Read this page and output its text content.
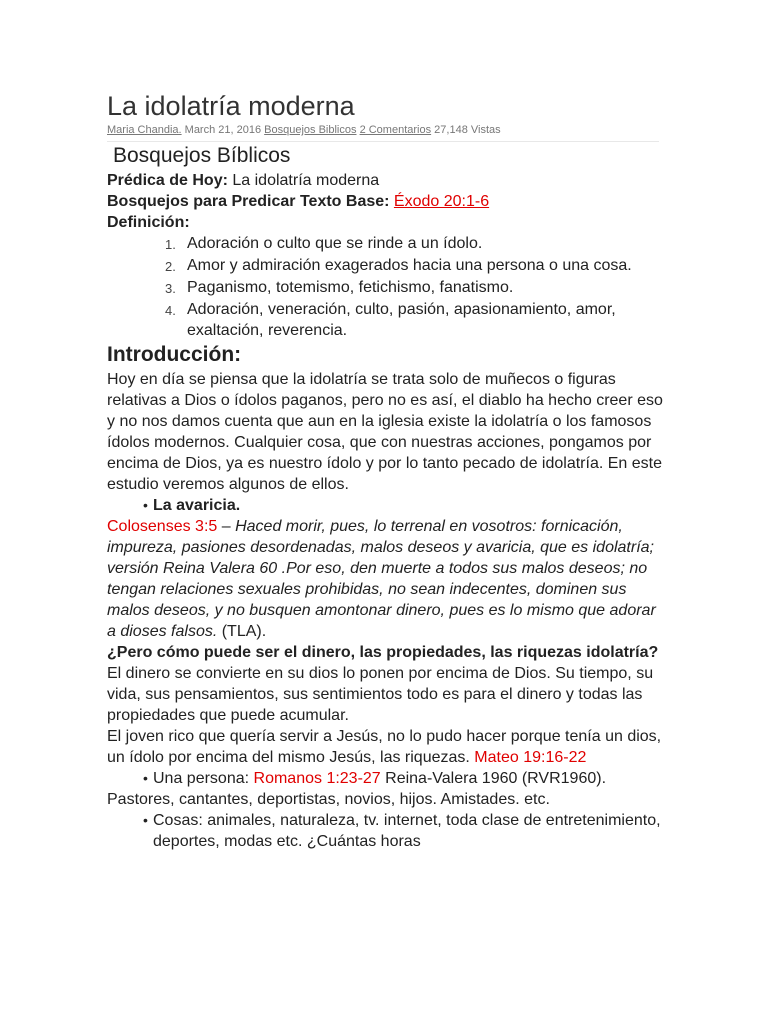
La idolatría moderna
Maria Chandia. March 21, 2016 Bosquejos Biblicos 2 Comentarios 27,148 Vistas
Bosquejos Bíblicos

Prédica de Hoy: La idolatría moderna

Bosquejos para Predicar Texto Base: Éxodo 20:1-6

Definición:

1. Adoración o culto que se rinde a un ídolo.
2. Amor y admiración exagerados hacia una persona o una cosa.
3. Paganismo, totemismo, fetichismo, fanatismo.
4. Adoración, veneración, culto, pasión, apasionamiento, amor, exaltación, reverencia.

Introducción:

Hoy en día se piensa que la idolatría se trata solo de muñecos o figuras relativas a Dios o ídolos paganos, pero no es así, el diablo ha hecho creer eso y no nos damos cuenta que aun en la iglesia existe la idolatría o los famosos ídolos modernos. Cualquier cosa, que con nuestras acciones, pongamos por encima de Dios, ya es nuestro ídolo y por lo tanto pecado de idolatría. En este estudio veremos algunos de ellos.

• La avaricia.

Colosenses 3:5 – Haced morir, pues, lo terrenal en vosotros: fornicación, impureza, pasiones desordenadas, malos deseos y avaricia, que es idolatría; versión Reina Valera 60 .Por eso, den muerte a todos sus malos deseos; no tengan relaciones sexuales prohibidas, no sean indecentes, dominen sus malos deseos, y no busquen amontonar dinero, pues es lo mismo que adorar a dioses falsos. (TLA).

¿Pero cómo puede ser el dinero, las propiedades, las riquezas idolatría? El dinero se convierte en su dios lo ponen por encima de Dios. Su tiempo, su vida, sus pensamientos, sus sentimientos todo es para el dinero y todas las propiedades que puede acumular.

El joven rico que quería servir a Jesús, no lo pudo hacer porque tenía un dios, un ídolo por encima del mismo Jesús, las riquezas. Mateo 19:16-22

• Una persona: Romanos 1:23-27 Reina-Valera 1960 (RVR1960).

Pastores, cantantes, deportistas, novios, hijos. Amistades. etc.

• Cosas: animales, naturaleza, tv. internet, toda clase de entretenimiento, deportes, modas etc. ¿Cuántas horas
